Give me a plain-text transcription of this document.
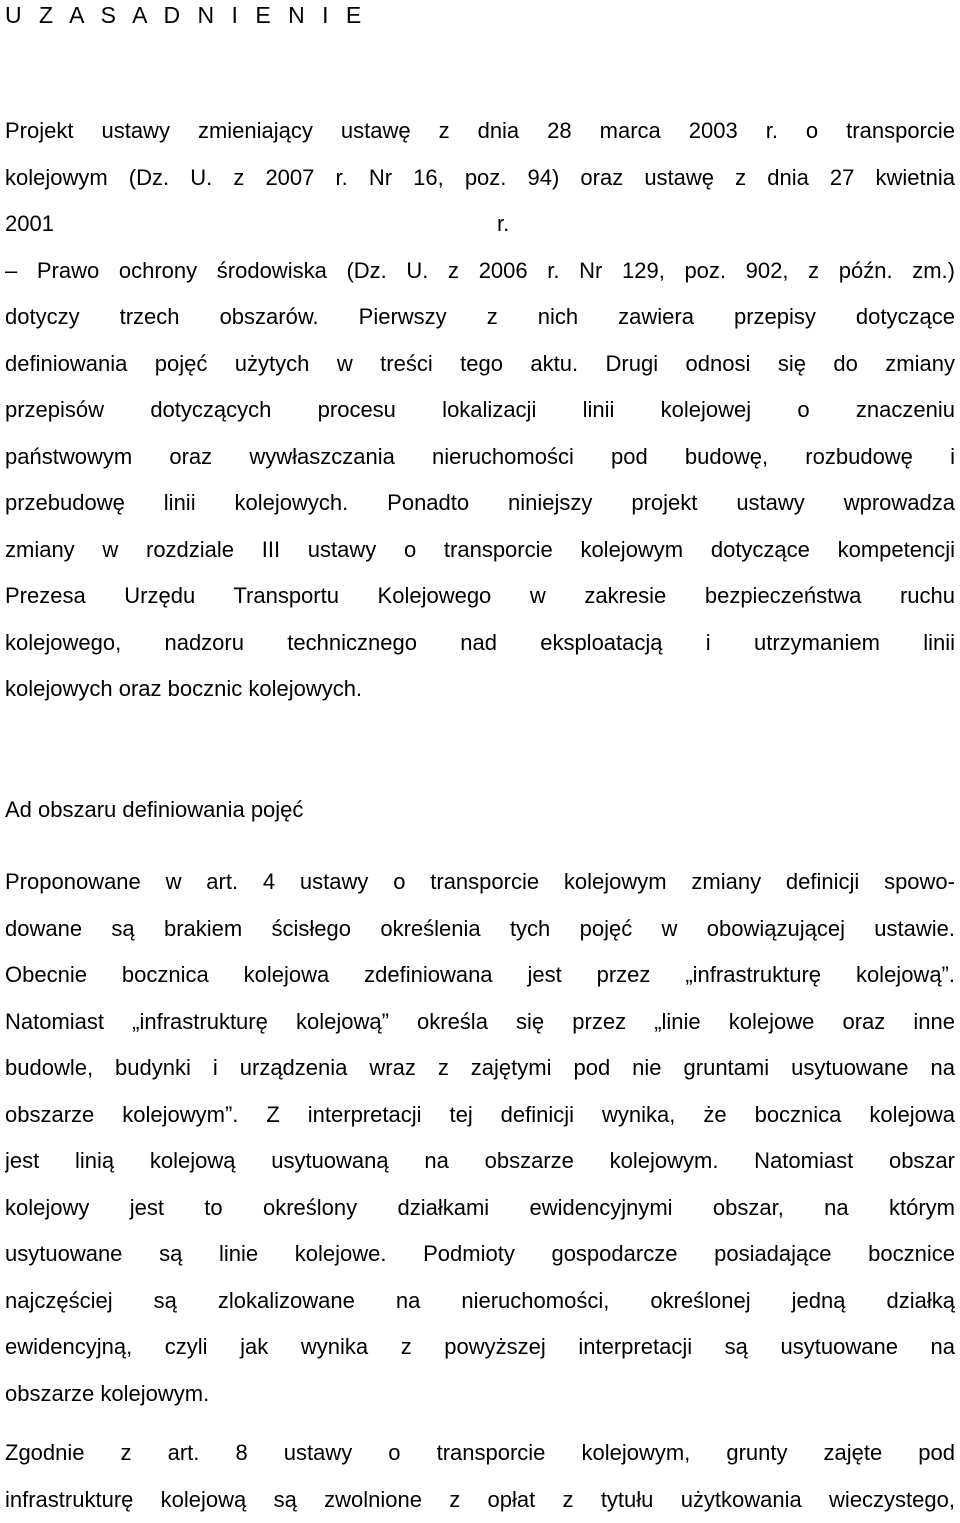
U Z A S A D N I E N I E
Projekt ustawy zmieniający ustawę z dnia 28 marca 2003 r. o transporcie
kolejowym (Dz. U. z 2007 r. Nr 16, poz. 94) oraz ustawę z dnia 27 kwietnia
2001 r.
– Prawo ochrony środowiska (Dz. U. z 2006 r. Nr 129, poz. 902, z późn. zm.)
dotyczy trzech obszarów. Pierwszy z nich zawiera przepisy dotyczące
definiowania pojęć użytych w treści tego aktu. Drugi odnosi się do zmiany
przepisów dotyczących procesu lokalizacji linii kolejowej o znaczeniu
państwowym oraz wywłaszczania nieruchomości pod budowę, rozbudowę i
przebudowę linii kolejowych. Ponadto niniejszy projekt ustawy wprowadza
zmiany w rozdziale III ustawy o transporcie kolejowym dotyczące kompetencji
Prezesa Urzędu Transportu Kolejowego w zakresie bezpieczeństwa ruchu
kolejowego, nadzoru technicznego nad eksploatacją i utrzymaniem linii
kolejowych oraz bocznic kolejowych.
Ad obszaru definiowania pojęć
Proponowane w art. 4 ustawy o transporcie kolejowym zmiany definicji spowo-
dowane są brakiem ścisłego określenia tych pojęć w obowiązującej ustawie.
Obecnie bocznica kolejowa zdefiniowana jest przez „infrastrukturę kolejową”.
Natomiast „infrastrukturę kolejową” określa się przez „linie kolejowe oraz inne
budowle, budynki i urządzenia wraz z zajętymi pod nie gruntami usytuowane na
obszarze kolejowym”. Z interpretacji tej definicji wynika, że bocznica kolejowa
jest linią kolejową usytuowaną na obszarze kolejowym. Natomiast obszar
kolejowy jest to określony działkami ewidencyjnymi obszar, na którym
usytuowane są linie kolejowe. Podmioty gospodarcze posiadające bocznice
najczęściej są zlokalizowane na nieruchomości, określonej jedną działką
ewidencyjną, czyli jak wynika z powyższej interpretacji są usytuowane na
obszarze kolejowym.
Zgodnie z art. 8 ustawy o transporcie kolejowym, grunty zajęte pod
infrastrukturę kolejową są zwolnione z opłat z tytułu użytkowania wieczystego,
